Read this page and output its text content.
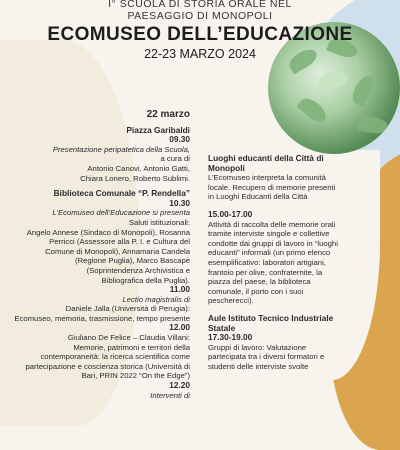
I° SCUOLA DI STORIA ORALE NEL
PAESAGGIO DI MONOPOLI
ECOMUSEO DELL’EDUCAZIONE
22-23 MARZO 2024
22 marzo
Piazza Garibaldi
09.30
Presentazione peripatetica della Scuola,
a cura di
Antonio Canovi, Antonio Gatti,
Chiara Lonero, Roberto Sublimi.
Biblioteca Comunale “P. Rendella”
10.30
L’Ecomuseo dell’Educazione si presenta
Saluti istituzionali:
Angelo Annese (Sindaco di Monopoli), Rosanna
Perricci (Assessore alla P. I. e Cultura del
Comune di Monopoli), Annamaria Candela
(Regione Puglia), Marco Bascapè
(Soprintendenza Archivistica e
Bibliografica della Puglia).
11.00
Lectio magistralis di
Daniele Jalla (Università di Perugia):
Ecomuseo, memoria, trasmissione, tempo presente
12.00
Giuliano De Felice – Claudia Villani:
Memorie, patrimoni e territori della
contemporaneità: la ricerca scientifica come
partecipazione e coscienza storica (Università di
Bari, PRIN 2022 “On the Edge”)
12.20
Interventi di
Luoghi educanti della Città di
Monopoli
L’Ecomuseo interpreta la comunità
locale. Recupero di memorie presenti
in Luoghi Educanti della Città
15.00-17.00
Attività di raccolta delle memorie orali
tramite interviste singole e collettive
condotte dai gruppi di lavoro in “luoghi
educanti” informali (un primo elenco
esemplificativo: laboratori artigiani,
frantoio per olive, confraternite, la
piazza del paese, la biblioteca
comunale, il porto con i suoi
pescherecci).
Aule Istituto Tecnico Industriale
Statale
17.30-19.00
Gruppi di lavoro: Valutazione
partecipata tra i diversi formatori e
studenti delle interviste svolte
